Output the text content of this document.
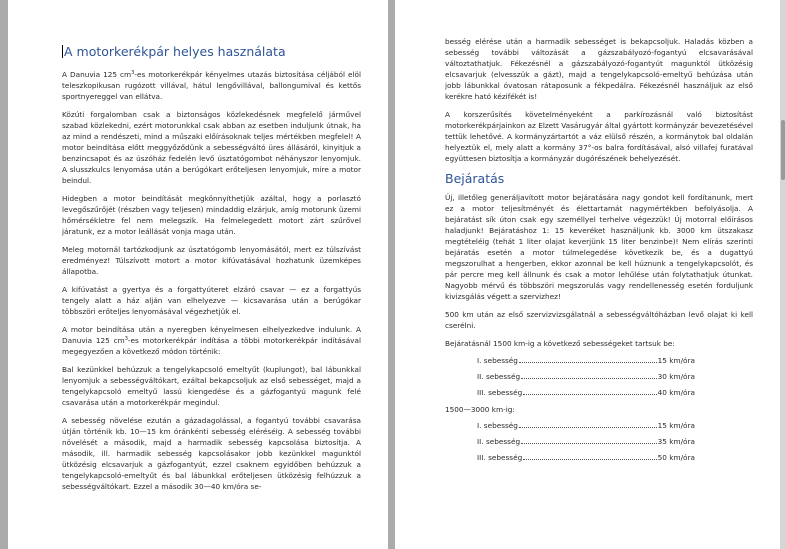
A motorkerékpár helyes használata

A Danuvia 125 $cm^3-es$ motorkerékpár kényelmes utazás biztosítása céljából elöl teleszkopikusan rugózott villával, hátul lengővillával, ballongumival és kettős sportnyereggel van ellátva.

Közúti forgalomban csak a biztonságos közlekedésnek megfelelő járművel szabad közlekedni, ezért motorunkkal csak abban az esetben induljunk útnak, ha az mind a rendészeti, mind a műszaki előírásoknak teljes mértékben megfelel! A motor beindítása előtt meggyőződünk a sebességváltó üres állásáról, kinyitjuk a benzincsapot és az úszóház fedelén levő úsztatógombot néhányszor lenyomjuk. A slusszkulcs lenyomása után a berúgókart erőteljesen lenyomjuk, mire a motor beindul.

Hidegben a motor beindítását megkönnyíthetjük azáltal, hogy a porlasztó levegőszűrőjét (részben vagy teljesen) mindaddig elzárjuk, amíg motorunk üzemi hőmérsékletre fel nem melegszik. Ha felmelegedett motort zárt szűrővel járatunk, ez a motor leállását vonja maga után.

Meleg motornál tartózkodjunk az úsztatógomb lenyomásától, mert ez túlszívást eredményez! Túlszívott motort a motor kifúvatásával hozhatunk üzemképes állapotba.

A kifúvatást a gyertya és a forgattyúteret elzáró csavar — ez a forgattyús tengely alatt a ház alján van elhelyezve — kicsavarása után a berúgókar többszöri erőteljes lenyomásával végezhetjük el.

A motor beindítása után a nyeregben kényelmesen elhelyezkedve indulunk. A Danuvia 125 $cm^3-es$ motorkerékpár indítása a többi motorkerékpár indításával megegyezően a következő módon történik:

Bal kezünkkel behúzzuk a tengelykapcsoló emeltyűt (kuplungot), bal lábunkkal lenyomjuk a sebességváltókart, ezáltal bekapcsoljuk az első sebességet, majd a tengelykapcsoló emeltyű lassú kiengedése és a gázfogantyú magunk felé csavarása után a motorkerékpár megindul.

A sebesség növelése ezután a gázadagolással, a fogantyú további csavarása útján történik kb. 10—15 km óránkénti sebesség eléréséig. A sebesség további növelését a második, majd a harmadik sebesség kapcsolása biztosítja. A második, ill. harmadik sebesség kapcsolásakor jobb kezünkkel magunktól ütközésig elcsavarjuk a gázfogantyút, ezzel csaknem egyidőben behúzzuk a tengelykapcsoló-emeltyűt és bal lábunkkal erőteljesen ütközésig felhúzzuk a sebességváltókart. Ezzel a második 30—40 km/óra se-

besség elérése után a harmadik sebességet is bekapcsoljuk. Haladás közben a sebesség további változását a gázszabályozó-fogantyú elcsavarásával változtathatjuk. Fékezésnél a gázszabályozó-fogantyút magunktól ütközésig elcsavarjuk (elvesszük a gázt), majd a tengelykapcsoló-emeltyű behúzása után jobb lábunkkal óvatosan rátaposunk a fékpedálra. Fékezésnél használjuk az első kerékre ható kézifékét is!

A korszerűsítés követelményeként a parkírozásnál való biztosítást motorkerékpárjainkon az Elzett Vasárugyár által gyártott kormányzár bevezetésével tettük lehetővé. A kormányzártartót a váz elülső részén, a kormánytok bal oldalán helyeztük el, mely alatt a kormány 37°-os balra fordításával, alsó villafej furatával együttesen biztosítja a kormányzár dugórészének behelyezését.

Bejáratás

Új, illetőleg generáljavított motor bejáratására nagy gondot kell fordítanunk, mert ez a motor teljesítményét és élettartamát nagymértékben befolyásolja. A bejáratást sík úton csak egy személlyel terhelve végezzük! Új motorral előírásos haladjunk! Bejáratáshoz 1: 15 keveréket használjunk kb. 3000 km ütszakasz megtételéig (tehát 1 liter olajat keverjünk 15 liter benzinbe)! Nem elírás szerinti bejáratás esetén a motor túlmelegedése következik be, és a dugattyú megszorulhat a hengerben, ekkor azonnal be kell húznunk a tengelykapcsolót, és pár percre meg kell állnunk és csak a motor lehűlése után folytathatjuk útunkat. Nagyobb mérvű és többszöri megszorulás vagy rendellenesség esetén forduljunk kivizsgálás végett a szervizhez!

500 km után az első szervizvizsgálatnál a sebességváltóházban levő olajat ki kell cserélni.

Bejáratásnál 1500 km-ig a következő sebességeket tartsuk be:
I. sebesség	15 km/óra
II. sebesség	30 km/óra
III. sebesség	40 km/óra
1500—3000 km-ig:
I. sebesség	15 km/óra
II. sebesség	35 km/óra
III. sebesség	50 km/óra
